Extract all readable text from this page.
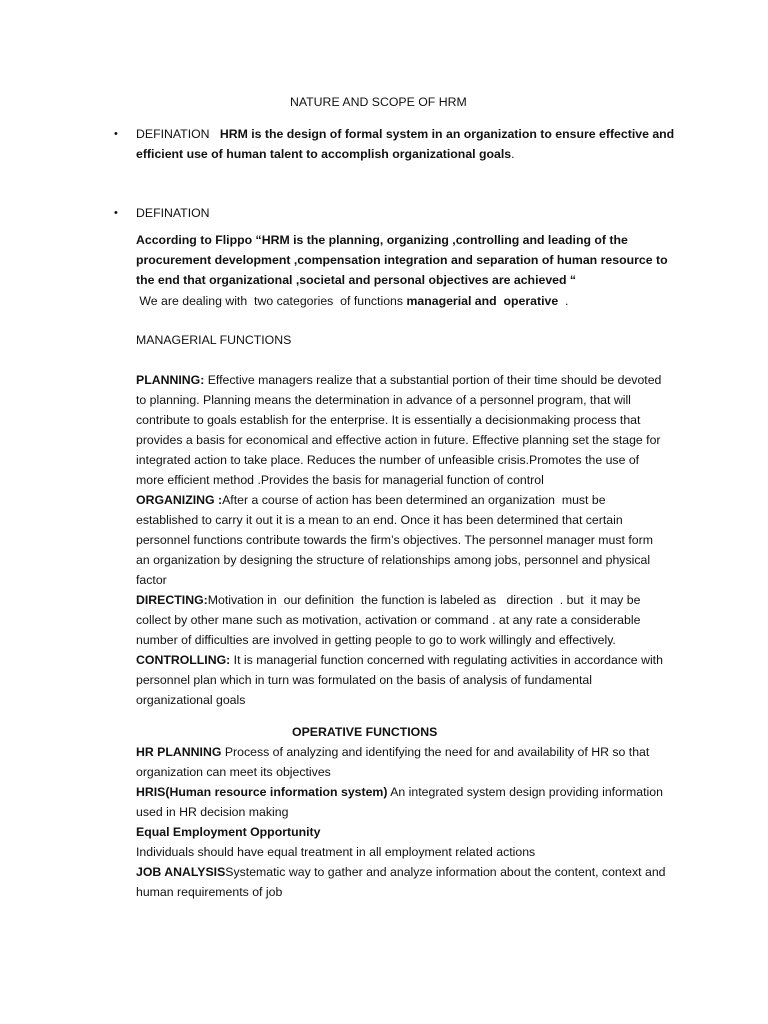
NATURE AND SCOPE OF HRM
• DEFINATION HRM is the design of formal system in an organization to ensure effective and
efficient use of human talent to accomplish organizational goals.
• DEFINATION
According to Flippo “HRM is the planning, organizing ,controlling and leading of the
procurement development ,compensation integration and separation of human resource to
the end that organizational ,societal and personal objectives are achieved “
We are dealing with  two categories  of functions managerial and  operative  .
MANAGERIAL FUNCTIONS
PLANNING: Effective managers realize that a substantial portion of their time should be devoted
to planning. Planning means the determination in advance of a personnel program, that will
contribute to goals establish for the enterprise. It is essentially a decisionmaking process that
provides a basis for economical and effective action in future. Effective planning set the stage for
integrated action to take place. Reduces the number of unfeasible crisis.Promotes the use of
more efficient method .Provides the basis for managerial function of control
ORGANIZING :After a course of action has been determined an organization  must be
established to carry it out it is a mean to an end. Once it has been determined that certain
personnel functions contribute towards the firm’s objectives. The personnel manager must form
an organization by designing the structure of relationships among jobs, personnel and physical
factor
DIRECTING:Motivation in  our definition  the function is labeled as   direction  . but  it may be
collect by other mane such as motivation, activation or command . at any rate a considerable
number of difficulties are involved in getting people to go to work willingly and effectively.
CONTROLLING: It is managerial function concerned with regulating activities in accordance with
personnel plan which in turn was formulated on the basis of analysis of fundamental
organizational goals
OPERATIVE FUNCTIONS
HR PLANNING Process of analyzing and identifying the need for and availability of HR so that
organization can meet its objectives
HRIS(Human resource information system) An integrated system design providing information
used in HR decision making
Equal Employment Opportunity
Individuals should have equal treatment in all employment related actions
JOB ANALYSISSystematic way to gather and analyze information about the content, context and
human requirements of job
